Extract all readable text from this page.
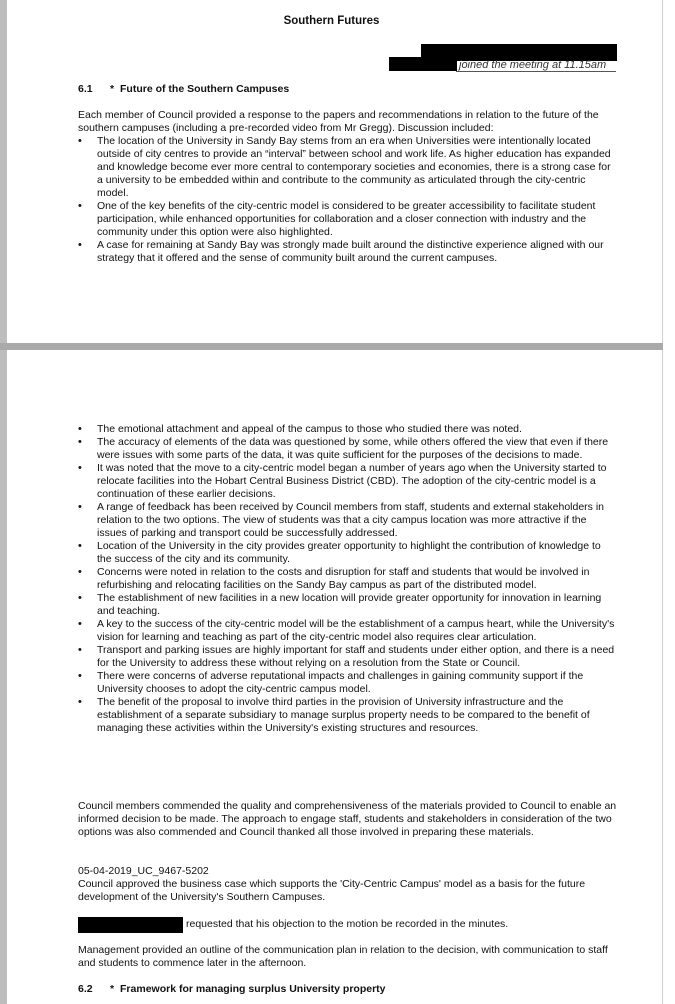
Southern Futures
joined the meeting at 11.15am
6.1 * Future of the Southern Campuses

Each member of Council provided a response to the papers and recommendations in relation to the future of the southern campuses (including a pre-recorded video from Mr Gregg). Discussion included:

• The location of the University in Sandy Bay stems from an era when Universities were intentionally located outside of city centres to provide an “interval” between school and work life. As higher education has expanded and knowledge become ever more central to contemporary societies and economies, there is a strong case for a university to be embedded within and contribute to the community as articulated through the city-centric model.
• One of the key benefits of the city-centric model is considered to be greater accessibility to facilitate student participation, while enhanced opportunities for collaboration and a closer connection with industry and the community under this option were also highlighted.
• A case for remaining at Sandy Bay was strongly made built around the distinctive experience aligned with our strategy that it offered and the sense of community built around the current campuses.
• The emotional attachment and appeal of the campus to those who studied there was noted.
• The accuracy of elements of the data was questioned by some, while others offered the view that even if there were issues with some parts of the data, it was quite sufficient for the purposes of the decisions to made.
• It was noted that the move to a city-centric model began a number of years ago when the University started to relocate facilities into the Hobart Central Business District (CBD). The adoption of the city-centric model is a continuation of these earlier decisions.
• A range of feedback has been received by Council members from staff, students and external stakeholders in relation to the two options. The view of students was that a city campus location was more attractive if the issues of parking and transport could be successfully addressed.
• Location of the University in the city provides greater opportunity to highlight the contribution of knowledge to the success of the city and its community.
• Concerns were noted in relation to the costs and disruption for staff and students that would be involved in refurbishing and relocating facilities on the Sandy Bay campus as part of the distributed model.
• The establishment of new facilities in a new location will provide greater opportunity for innovation in learning and teaching.
• A key to the success of the city-centric model will be the establishment of a campus heart, while the University's vision for learning and teaching as part of the city-centric model also requires clear articulation.
• Transport and parking issues are highly important for staff and students under either option, and there is a need for the University to address these without relying on a resolution from the State or Council.
• There were concerns of adverse reputational impacts and challenges in gaining community support if the University chooses to adopt the city-centric campus model.
• The benefit of the proposal to involve third parties in the provision of University infrastructure and the establishment of a separate subsidiary to manage surplus property needs to be compared to the benefit of managing these activities within the University's existing structures and resources.

Council members commended the quality and comprehensiveness of the materials provided to Council to enable an informed decision to be made. The approach to engage staff, students and stakeholders in consideration of the two options was also commended and Council thanked all those involved in preparing these materials.

05-04-2019_UC_9467-5202

Council approved the business case which supports the 'City-Centric Campus' model as a basis for the future development of the University's Southern Campuses.

requested that his objection to the motion be recorded in the minutes.

Management provided an outline of the communication plan in relation to the decision, with communication to staff and students to commence later in the afternoon.

6.2 * Framework for managing surplus University property
